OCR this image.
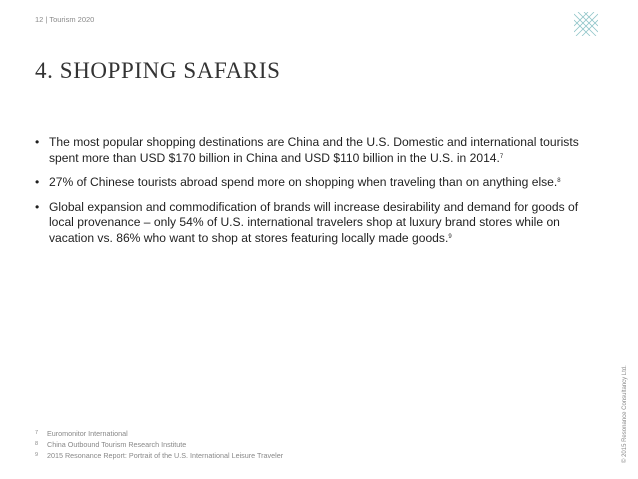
12 | Tourism 2020
4. SHOPPING SAFARIS
• The most popular shopping destinations are China and the U.S. Domestic and international tourists spent more than USD $170 billion in China and USD $110 billion in the U.S. in 2014.$^7$
• 27% of Chinese tourists abroad spend more on shopping when traveling than on anything else.$^8$
• Global expansion and commodification of brands will increase desirability and demand for goods of local provenance – only 54% of U.S. international travelers shop at luxury brand stores while on vacation vs. 86% who want to shop at stores featuring locally made goods.$^9$
7 Euromonitor International
8 China Outbound Tourism Research Institute
9 2015 Resonance Report: Portrait of the U.S. International Leisure Traveler	© 2015 Resonance Consultancy Ltd.
